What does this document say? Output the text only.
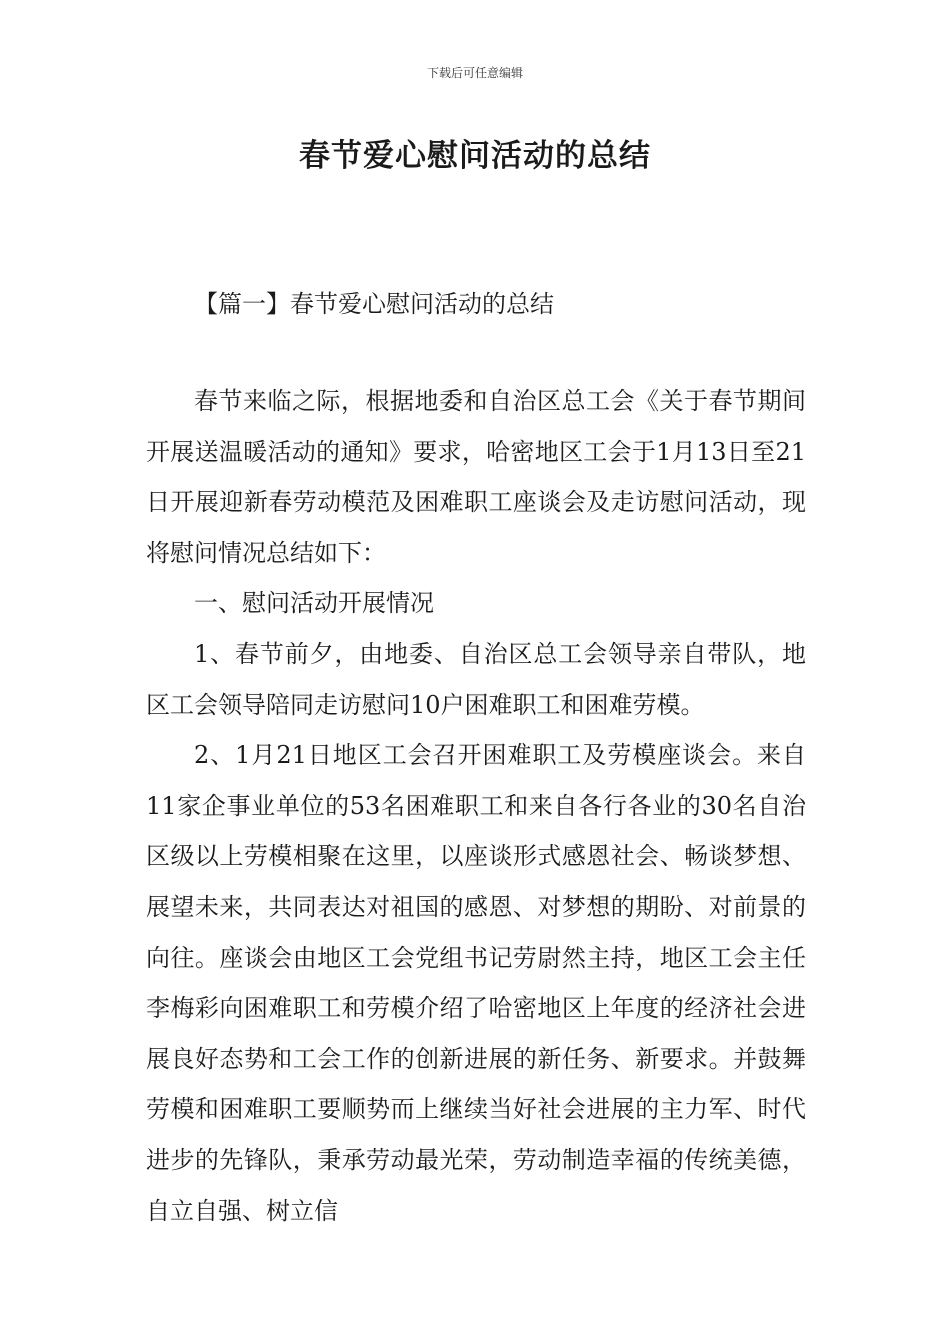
下载后可任意编辑
春节爱心慰问活动的总结
【篇一】春节爱心慰问活动的总结

春节来临之际，根据地委和自治区总工会《关于春节期间开展送温暖活动的通知》要求，哈密地区工会于1月13日至21日开展迎新春劳动模范及困难职工座谈会及走访慰问活动，现将慰问情况总结如下：

一、慰问活动开展情况

1、春节前夕，由地委、自治区总工会领导亲自带队，地区工会领导陪同走访慰问10户困难职工和困难劳模。

2、1月21日地区工会召开困难职工及劳模座谈会。来自11家企事业单位的53名困难职工和来自各行各业的30名自治区级以上劳模相聚在这里，以座谈形式感恩社会、畅谈梦想、展望未来，共同表达对祖国的感恩、对梦想的期盼、对前景的向往。座谈会由地区工会党组书记劳尉然主持，地区工会主任李梅彩向困难职工和劳模介绍了哈密地区上年度的经济社会进展良好态势和工会工作的创新进展的新任务、新要求。并鼓舞劳模和困难职工要顺势而上继续当好社会进展的主力军、时代进步的先锋队，秉承劳动最光荣，劳动制造幸福的传统美德，自立自强、树立信
